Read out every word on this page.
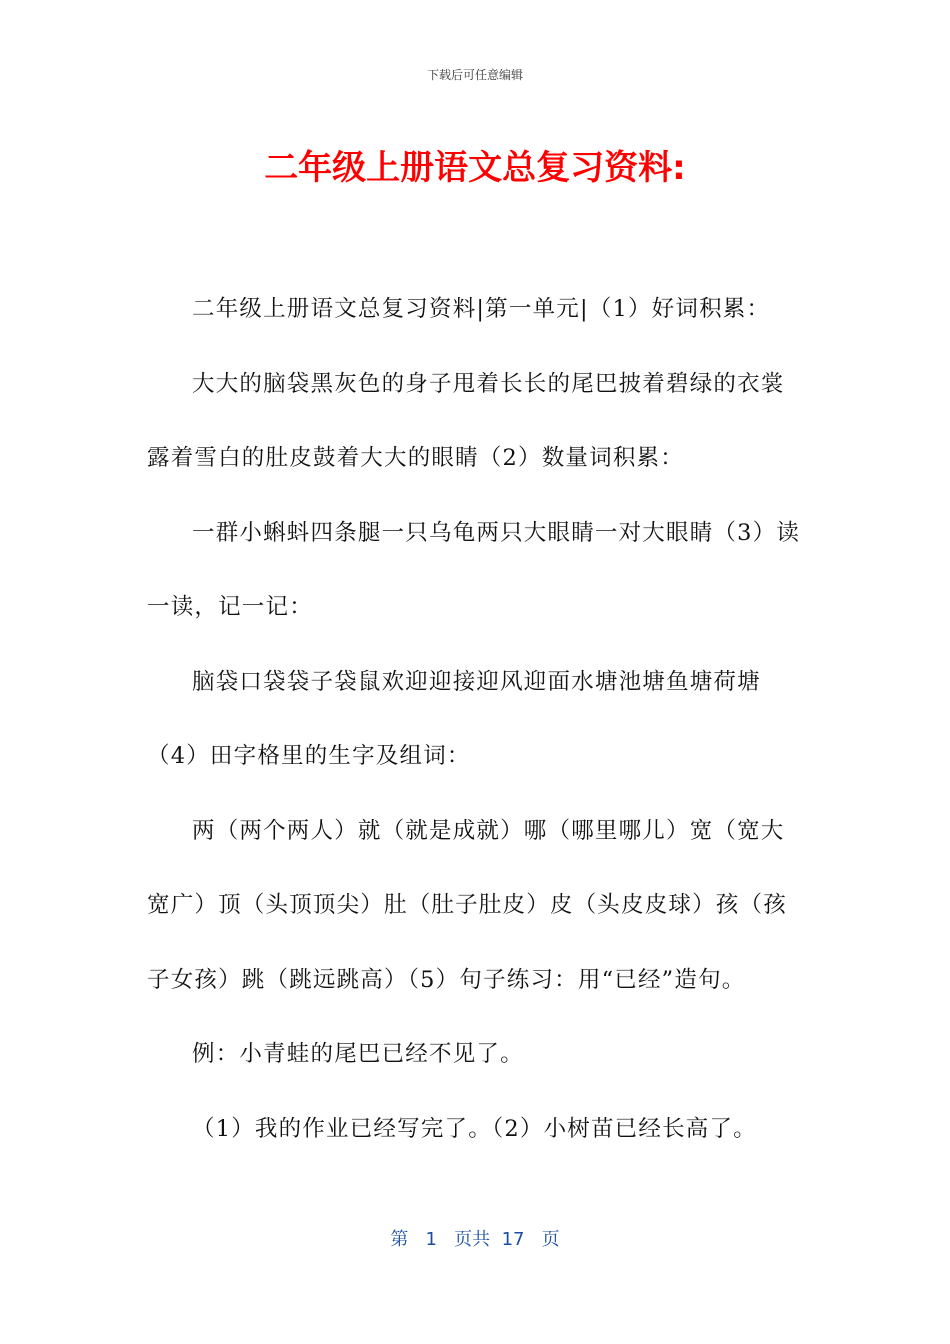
下载后可任意编辑
二年级上册语文总复习资料:

二年级上册语文总复习资料|第一单元|（1）好词积累：

大大的脑袋黑灰色的身子甩着长长的尾巴披着碧绿的衣裳露着雪白的肚皮鼓着大大的眼睛（2）数量词积累：

一群小蝌蚪四条腿一只乌龟两只大眼睛一对大眼睛（3）读一读，记一记：

脑袋口袋袋子袋鼠欢迎迎接迎风迎面水塘池塘鱼塘荷塘（4）田字格里的生字及组词：

两（两个两人）就（就是成就）哪（哪里哪儿）宽（宽大宽广）顶（头顶顶尖）肚（肚子肚皮）皮（头皮皮球）孩（孩子女孩）跳（跳远跳高）（5）句子练习：用“已经”造句。

例：小青蛙的尾巴已经不见了。

（1）我的作业已经写完了。（2）小树苗已经长高了。

第 1 页共 17 页
